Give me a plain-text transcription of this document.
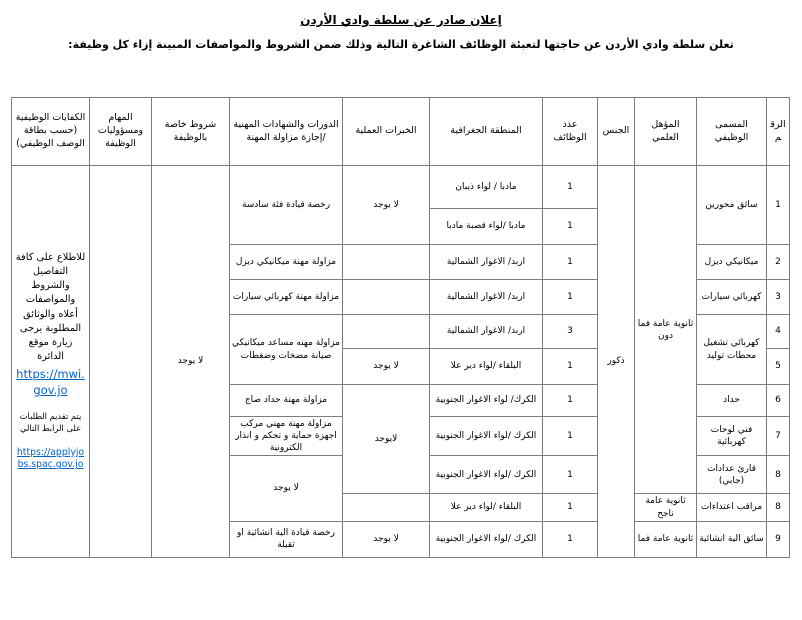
إعلان صادر عن سلطة وادي الأردن
تعلن سلطة وادي الأردن عن حاجتها لتعبئة الوظائف الشاغرة التالية وذلك ضمن الشروط والمواصفات المبينة إزاء كل وظيفة:
الرقم	المسمى الوظيفي	المؤهل العلمي	الجنس	عدد الوظائف	المنطقة الجغرافية	الخبرات العملية	الدورات والشهادات المهنية /إجازة مزاولة المهنة	شروط خاصة بالوظيفة	المهام ومسؤوليات الوظيفة	الكفايات الوظيفية (حسب بطاقة الوصف الوظيفي)
1	سائق محورين	ثانوية عامة فما دون	ذكور	1	مادبا / لواء ذيبان	لا يوجد	رخصة قيادة فئة سادسة	لا يوجد		للاطلاع على كافة التفاصيل والشروط والمواصفات أعلاه والوثائق المطلوبة يرجى زيارة موقع الدائرة
https://mwi.gov.jo
يتم تقديم الطلبات على الرابط التالي
https://applyjobs.spac.gov.jo

				1	مادبا /لواء قصبة مادبا					
2	ميكانيكي ديزل			1	اربد/ الاغوار الشمالية		مزاولة مهنة ميكانيكي ديزل			
3	كهربائي سيارات			1	اربد/ الاغوار الشمالية		مزاولة مهنة كهربائي سيارات			
4	كهربائي تشغيل محطات توليد			3	اربد/ الاغوار الشمالية		مزاولة مهنه مساعد ميكانيكي صيانة مضخات وضغطات			
5				1	البلقاء /لواء دير علا	لا يوجد				
6	حداد			1	الكرك/ لواء الاغوار الجنوبية	لايوجد	مزاولة مهنة حداد صاج			
7	فني لوحات كهربائية			1	الكرك /لواء الاغوار الجنوبية		مزاولة مهنة مهني مركب اجهزة حماية و تحكم و انذار الكترونية			
8	قارئ عدادات (جابي)			1	الكرك /لواء الاغوار الجنوبية		لا يوجد			
8	مراقب اعتداءات	ثانوية عامة ناجح		1	البلقاء /لواء دير علا					
9	سائق الية انشائية	ثانوية عامة فما		1	الكرك /لواء الاغوار الجنوبية	لا يوجد	رخصة قيادة الية انشائية او ثقيلة			
